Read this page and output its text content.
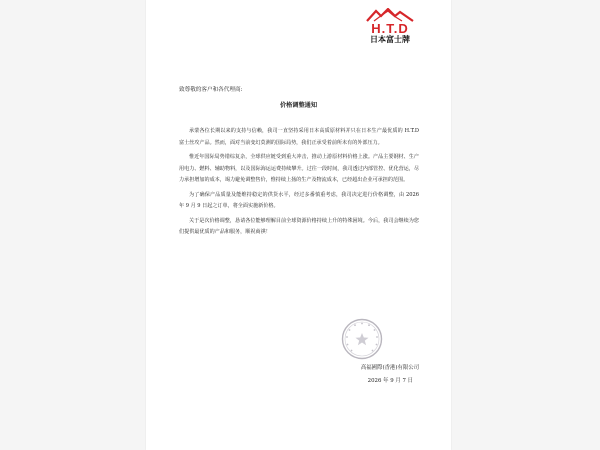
H.T.D
日本富士牌
致尊敬的客户和各代理商:
价格调整通知

承蒙各位长期以来的支持与信赖，我司一直坚持采用日本高质原材料并只在日本生产最优质的 H.T.D 富士丝攻产品。然而，面对当前变幻莫测的国际局势，我们正承受着前所未有的外部压力。

惟近年国际局势错综复杂，全球供应链受到重大冲击，推动上游原材料价格上涨。产品主要钢材、生产用电力、燃料、辅助物料，以及国际海运运费持续攀升。过往一段时间，我司透过内部管控、优化营运，尽力承担增加的成本，竭力避免调整售价，惟持续上扬的生产及物流成本，已经超出企业可承担的范围。

为了确保产品质量及能维持稳定的供货水平，经过多番慎重考虑，我司决定进行价格调整，由 2026 年 9 月 9 日起之订单，将全面实施新价格。

关于是次价格调整，恳请各位能够理解目前全球资源价格持续上升的特殊困境。今后，我司会继续为您们提供最优质的产品和服务，顺祝商祺！

高福國際(香港)有限公司
2026 年 9 月 7 日
